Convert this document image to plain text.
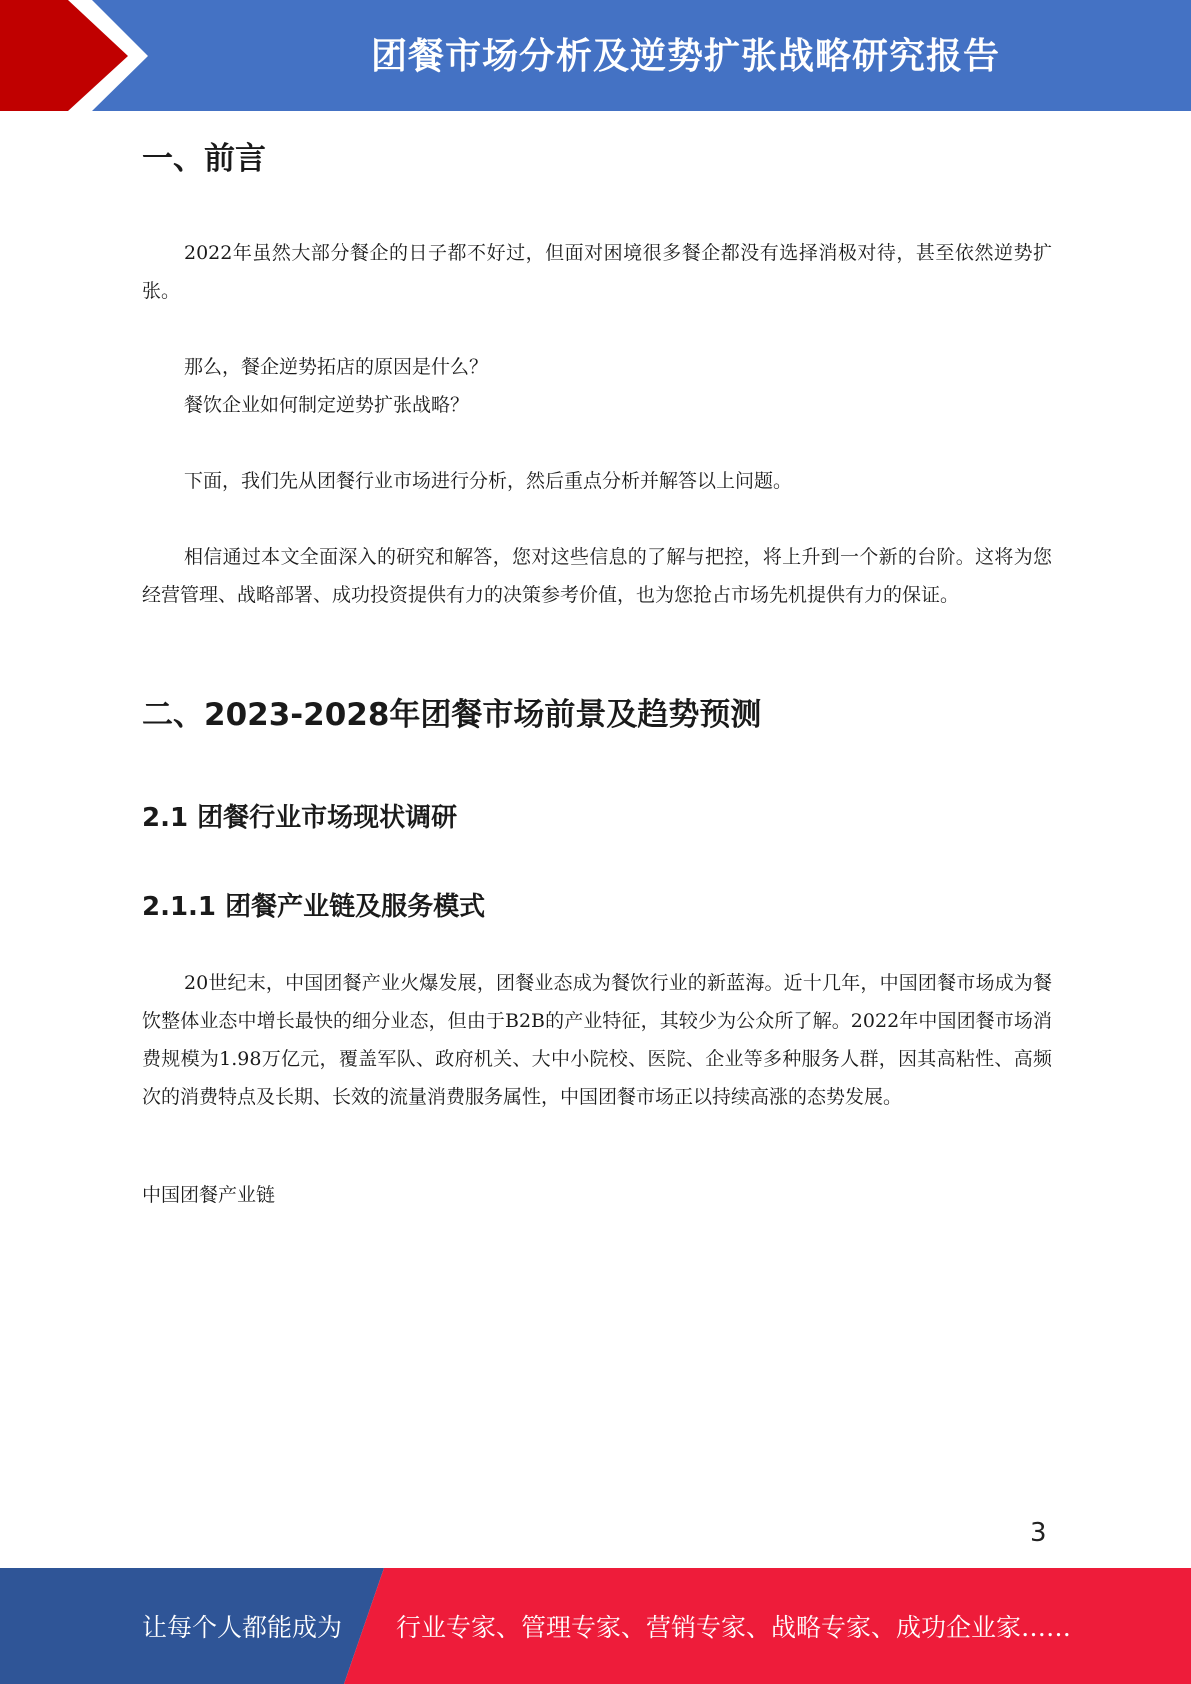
团餐市场分析及逆势扩张战略研究报告
一、前言

2022年虽然大部分餐企的日子都不好过，但面对困境很多餐企都没有选择消极对待，甚至依然逆势扩张。

那么，餐企逆势拓店的原因是什么？

餐饮企业如何制定逆势扩张战略？

下面，我们先从团餐行业市场进行分析，然后重点分析并解答以上问题。

相信通过本文全面深入的研究和解答，您对这些信息的了解与把控，将上升到一个新的台阶。这将为您经营管理、战略部署、成功投资提供有力的决策参考价值，也为您抢占市场先机提供有力的保证。

二、2023-2028年团餐市场前景及趋势预测
2.1 团餐行业市场现状调研
2.1.1 团餐产业链及服务模式

20世纪末，中国团餐产业火爆发展，团餐业态成为餐饮行业的新蓝海。近十几年，中国团餐市场成为餐饮整体业态中增长最快的细分业态，但由于B2B的产业特征，其较少为公众所了解。2022年中国团餐市场消费规模为1.98万亿元，覆盖军队、政府机关、大中小院校、医院、企业等多种服务人群，因其高粘性、高频次的消费特点及长期、长效的流量消费服务属性，中国团餐市场正以持续高涨的态势发展。

中国团餐产业链

3
让每个人都能成为 行业专家、管理专家、营销专家、战略专家、成功企业家……
